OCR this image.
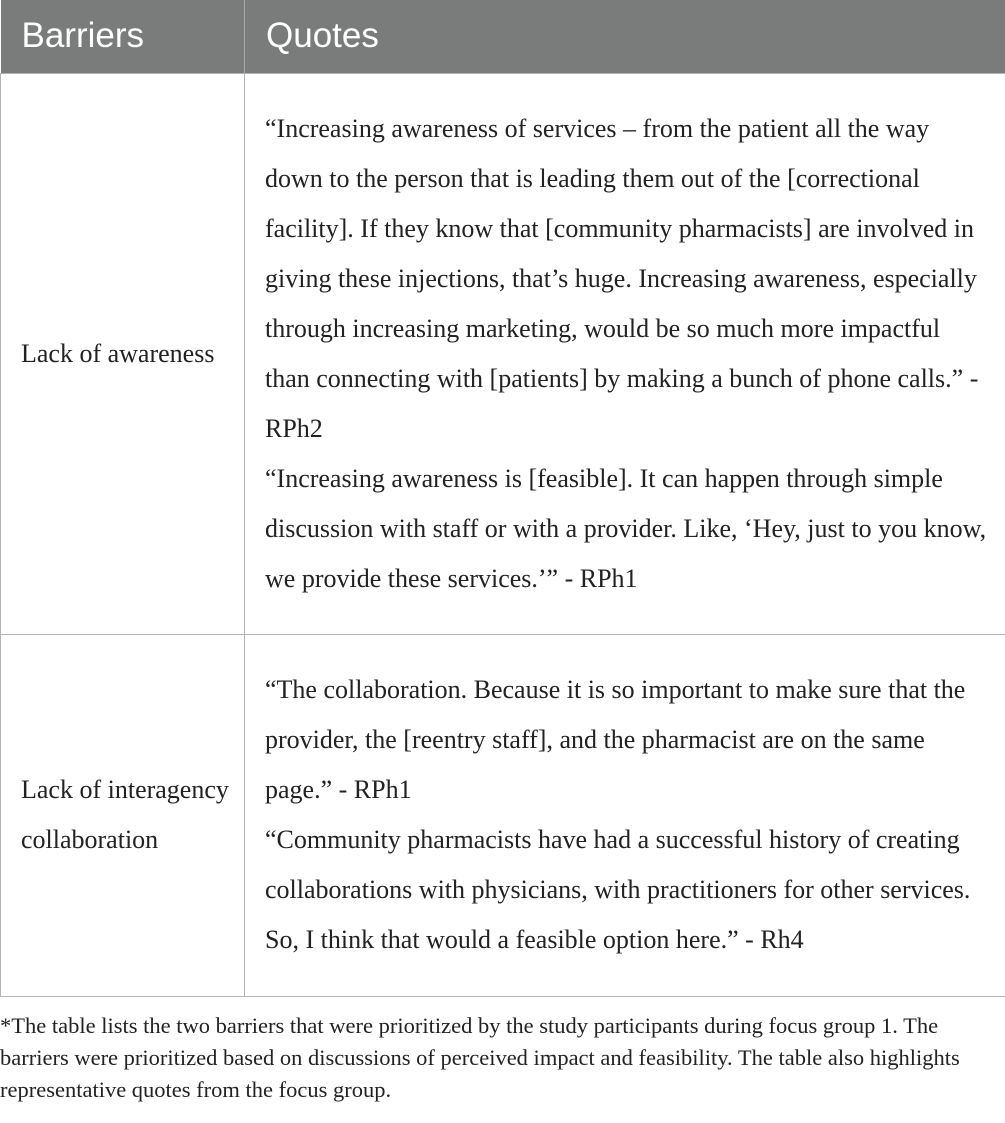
Barriers	Quotes
Lack of awareness	“Increasing awareness of services – from the patient all the way down to the person that is leading them out of the [correctional facility]. If they know that [community pharmacists] are involved in giving these injections, that’s huge. Increasing awareness, especially through increasing marketing, would be so much more impactful than connecting with [patients] by making a bunch of phone calls.” - RPh2
“Increasing awareness is [feasible]. It can happen through simple discussion with staff or with a provider. Like, ‘Hey, just to you know, we provide these services.’” - RPh1

Lack of interagency collaboration	“The collaboration. Because it is so important to make sure that the provider, the [reentry staff], and the pharmacist are on the same page.” - RPh1
“Community pharmacists have had a successful history of creating collaborations with physicians, with practitioners for other services. So, I think that would a feasible option here.” - Rh4

*The table lists the two barriers that were prioritized by the study participants during focus group 1. The barriers were prioritized based on discussions of perceived impact and feasibility. The table also highlights representative quotes from the focus group.
